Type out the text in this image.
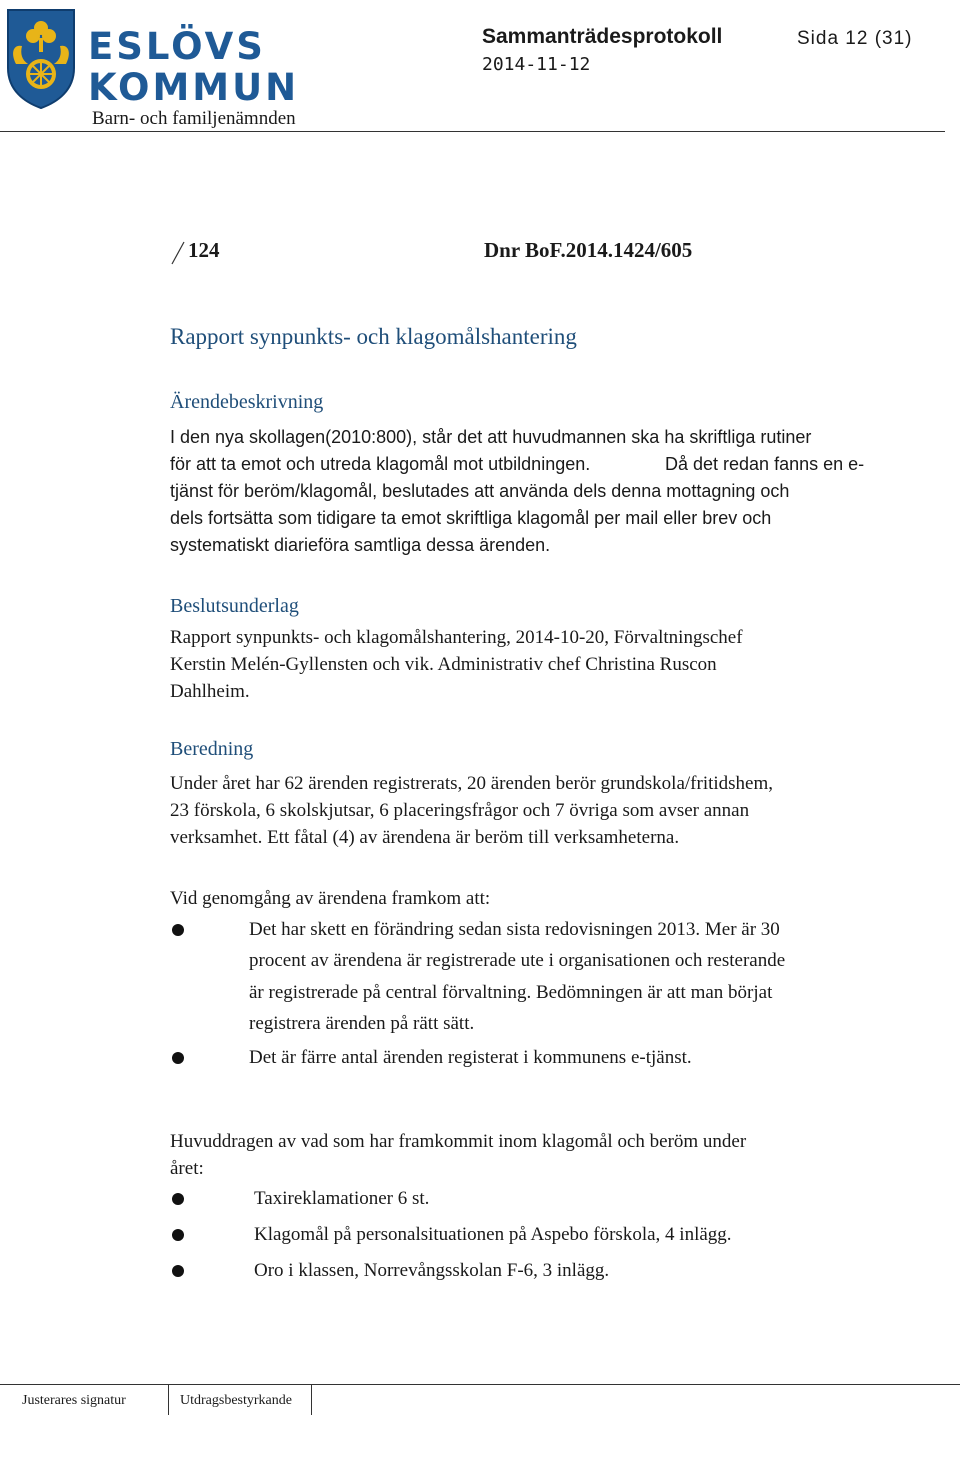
ESLÖVS
KOMMUN
Sammanträdesprotokoll	Sida 12 (31)
2014-11-12
Barn- och familjenämnden
124	Dnr BoF.2014.1424/605
Rapport synpunkts- och klagomålshantering
Ärendebeskrivning
I den nya skollagen(2010:800), står det att huvudmannen ska ha skriftliga rutiner
för att ta emot och utreda klagomål mot utbildningen.	Då det redan fanns en e-
tjänst för beröm/klagomål, beslutades att använda dels denna mottagning och
dels fortsätta som tidigare ta emot skriftliga klagomål per mail eller brev och
systematiskt diarieföra samtliga dessa ärenden.
Beslutsunderlag
Rapport synpunkts- och klagomålshantering, 2014-10-20, Förvaltningschef
Kerstin Melén-Gyllensten och vik. Administrativ chef Christina Ruscon
Dahlheim.
Beredning
Under året har 62 ärenden registrerats, 20 ärenden berör grundskola/fritidshem,
23 förskola, 6 skolskjutsar, 6 placeringsfrågor och 7 övriga som avser annan
verksamhet. Ett fåtal (4) av ärendena är beröm till verksamheterna.
Vid genomgång av ärendena framkom att:
Det har skett en förändring sedan sista redovisningen 2013. Mer är 30
procent av ärendena är registrerade ute i organisationen och resterande
är registrerade på central förvaltning. Bedömningen är att man börjat
registrera ärenden på rätt sätt.
Det är färre antal ärenden registerat i kommunens e-tjänst.
Huvuddragen av vad som har framkommit inom klagomål och beröm under
året:
Taxireklamationer 6 st.
Klagomål på personalsituationen på Aspebo förskola, 4 inlägg.
Oro i klassen, Norrevångsskolan F-6, 3 inlägg.
Justerares signatur	Utdragsbestyrkande
